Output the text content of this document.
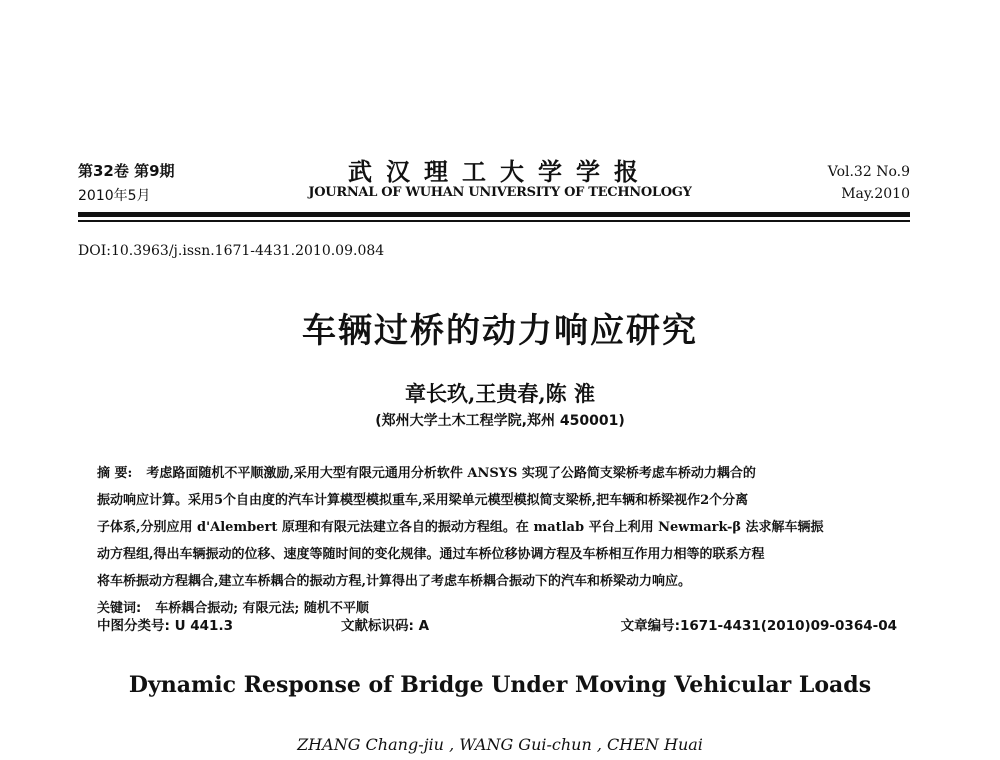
第32卷 第9期
2010年5月
武汉理工大学学报
JOURNAL OF WUHAN UNIVERSITY OF TECHNOLOGY
Vol.32 No.9
May.2010
DOI:10.3963/j.issn.1671-4431.2010.09.084
车辆过桥的动力响应研究
章长玖,王贵春,陈 淮
(郑州大学土木工程学院,郑州 450001)

摘 要: 考虑路面随机不平顺激励,采用大型有限元通用分析软件 ANSYS 实现了公路简支梁桥考虑车桥动力耦合的

振动响应计算。采用5个自由度的汽车计算模型模拟重车,采用梁单元模型模拟简支梁桥,把车辆和桥梁视作2个分离

子体系,分别应用 d'Alembert 原理和有限元法建立各自的振动方程组。在 matlab 平台上利用 Newmark-β 法求解车辆振

动方程组,得出车辆振动的位移、速度等随时间的变化规律。通过车桥位移协调方程及车桥相互作用力相等的联系方程

将车桥振动方程耦合,建立车桥耦合的振动方程,计算得出了考虑车桥耦合振动下的汽车和桥梁动力响应。

关键词: 车桥耦合振动; 有限元法; 随机不平顺

中图分类号: U 441.3	文献标识码: A	文章编号:1671-4431(2010)09-0364-04
Dynamic Response of Bridge Under Moving Vehicular Loads
ZHANG Chang-jiu , WANG Gui-chun , CHEN Huai
